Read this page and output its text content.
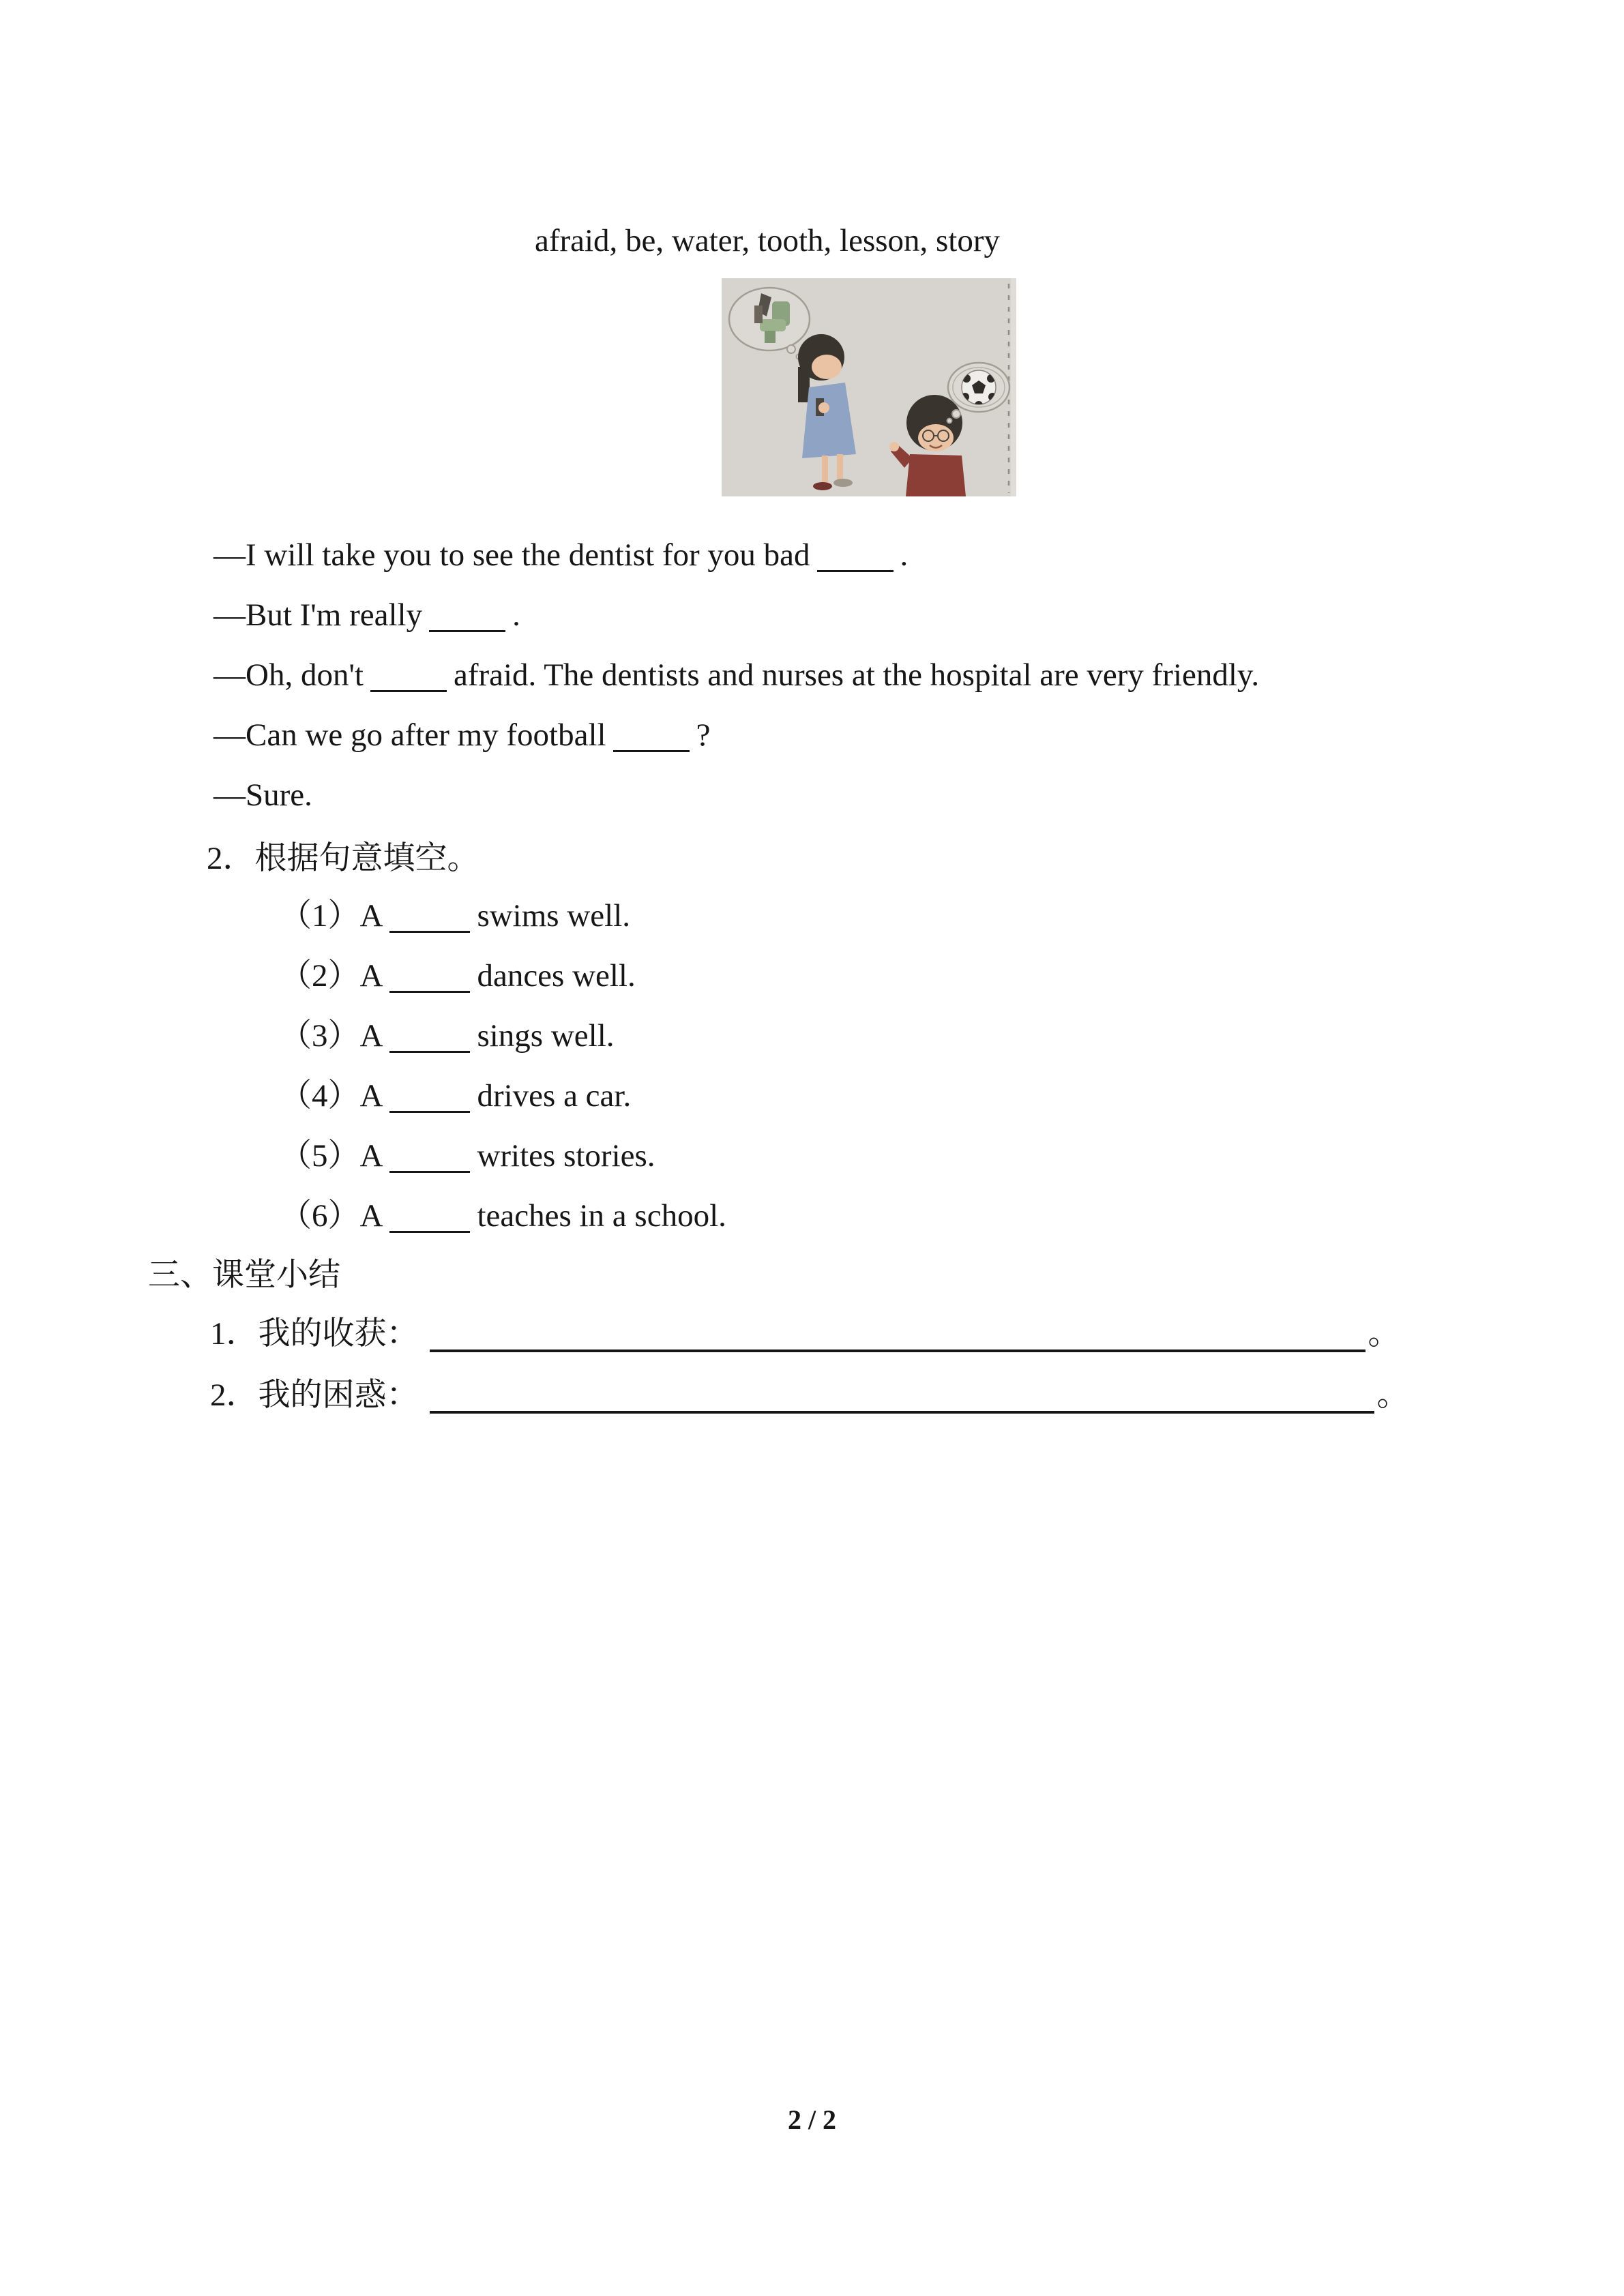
afraid, be, water, tooth, lesson, story
—I will take you to see the dentist for you bad	.
—But I'm really	.
—Oh, don't	afraid. The dentists and nurses at the hospital are very friendly.
—Can we go after my football	?
—Sure.
2．根据句意填空。
（1）A	swims well.
（2）A	dances well.
（3）A	sings well.
（4）A	drives a car.
（5）A	writes stories.
（6）A	teaches in a school.
三、课堂小结
1．我的收获：	。
2．我的困惑：	。
2 / 2
